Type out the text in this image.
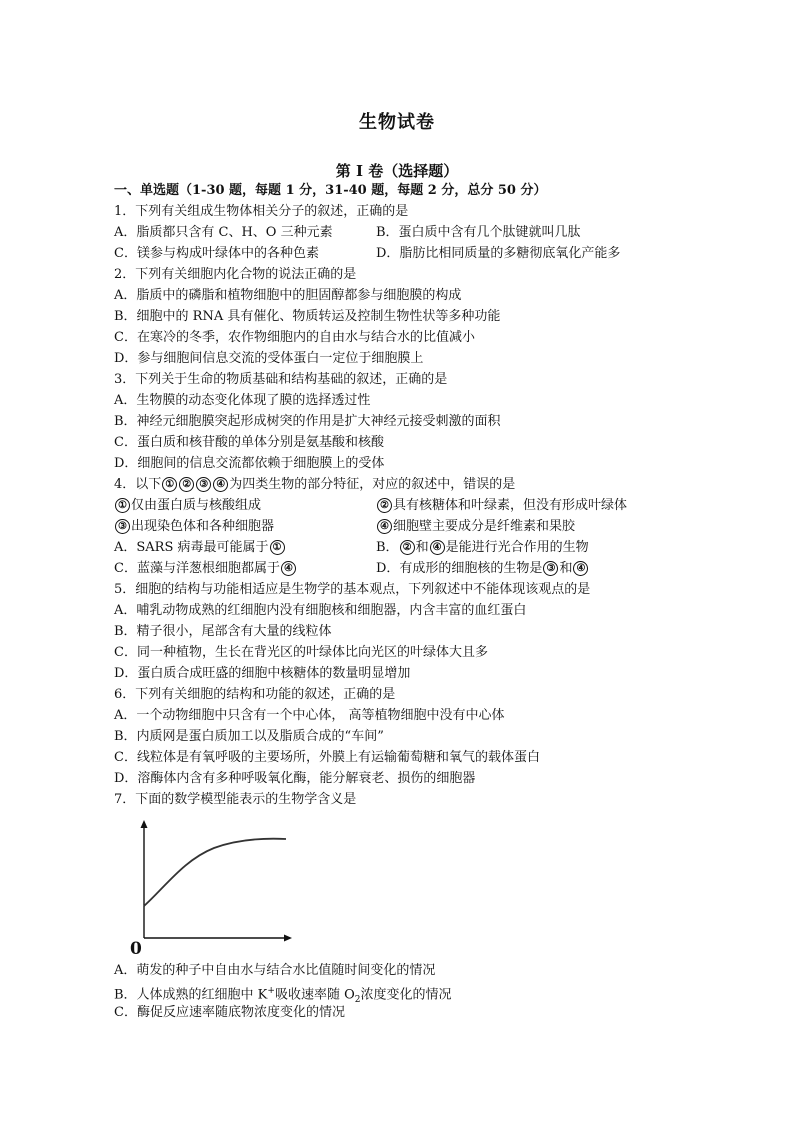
生物试卷
第 I 卷（选择题）
一、单选题（1-30 题，每题 1 分，31-40 题，每题 2 分，总分 50 分）
1．下列有关组成生物体相关分子的叙述，正确的是
A．脂质都只含有 C、H、O 三种元素	B．蛋白质中含有几个肽键就叫几肽
C．镁参与构成叶绿体中的各种色素	D．脂肪比相同质量的多糖彻底氧化产能多
2．下列有关细胞内化合物的说法正确的是
A．脂质中的磷脂和植物细胞中的胆固醇都参与细胞膜的构成
B．细胞中的 RNA 具有催化、物质转运及控制生物性状等多种功能
C．在寒冷的冬季，农作物细胞内的自由水与结合水的比值减小
D．参与细胞间信息交流的受体蛋白一定位于细胞膜上
3．下列关于生命的物质基础和结构基础的叙述，正确的是
A．生物膜的动态变化体现了膜的选择透过性
B．神经元细胞膜突起形成树突的作用是扩大神经元接受刺激的面积
C．蛋白质和核苷酸的单体分别是氨基酸和核酸
D．细胞间的信息交流都依赖于细胞膜上的受体
4．以下 ① ② ③ ④ 为四类生物的部分特征，对应的叙述中，错误的是
① 仅由蛋白质与核酸组成	② 具有核糖体和叶绿素，但没有形成叶绿体
③ 出现染色体和各种细胞器	④ 细胞壁主要成分是纤维素和果胶
A．SARS 病毒最可能属于 ①	B． ② 和 ④ 是能进行光合作用的生物
C．蓝藻与洋葱根细胞都属于 ④	D．有成形的细胞核的生物是 ③ 和 ④
5．细胞的结构与功能相适应是生物学的基本观点，下列叙述中不能体现该观点的是
A．哺乳动物成熟的红细胞内没有细胞核和细胞器，内含丰富的血红蛋白
B．精子很小，尾部含有大量的线粒体
C．同一种植物，生长在背光区的叶绿体比向光区的叶绿体大且多
D．蛋白质合成旺盛的细胞中核糖体的数量明显增加
6．下列有关细胞的结构和功能的叙述，正确的是
A．一个动物细胞中只含有一个中心体， 高等植物细胞中没有中心体
B．内质网是蛋白质加工以及脂质合成的“车间”
C．线粒体是有氧呼吸的主要场所，外膜上有运输葡萄糖和氧气的载体蛋白
D．溶酶体内含有多种呼吸氧化酶，能分解衰老、损伤的细胞器
7．下面的数学模型能表示的生物学含义是
0
A．萌发的种子中自由水与结合水比值随时间变化的情况
B．人体成熟的红细胞中 K+吸收速率随 $O_2$浓度变化的情况
C．酶促反应速率随底物浓度变化的情况
